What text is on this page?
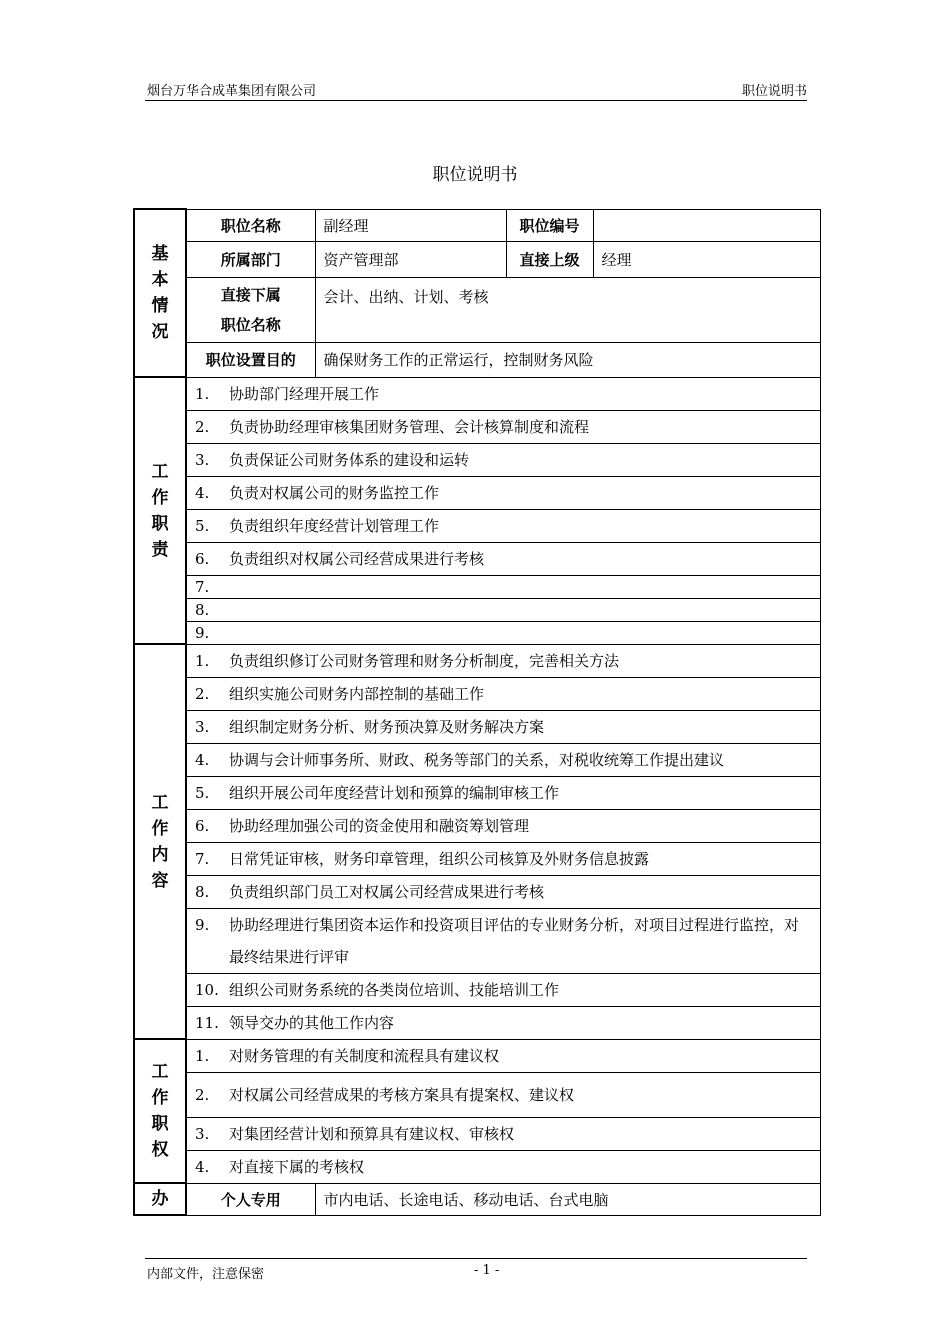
烟台万华合成革集团有限公司	职位说明书
职位说明书
基本情况	职位名称	副经理	职位编号	
	所属部门	资产管理部	直接上级	经理

	直接下属
职位名称	会计、出纳、计划、考核		
	职位设置目的	确保财务工作的正常运行，控制财务风险		

工作职责	1. 协助部门经理开展工作			

	2. 负责协助经理审核集团财务管理、会计核算制度和流程			

	3. 负责保证公司财务体系的建设和运转			

	4. 负责对权属公司的财务监控工作			

	5. 负责组织年度经营计划管理工作			

	6. 负责组织对权属公司经营成果进行考核			

	7.			

	8.			

	9.			

工作内容	1. 负责组织修订公司财务管理和财务分析制度，完善相关方法			

	2. 组织实施公司财务内部控制的基础工作			

	3. 组织制定财务分析、财务预决算及财务解决方案			

	4. 协调与会计师事务所、财政、税务等部门的关系，对税收统筹工作提出建议			

	5. 组织开展公司年度经营计划和预算的编制审核工作			

	6. 协助经理加强公司的资金使用和融资筹划管理			

	7. 日常凭证审核，财务印章管理，组织公司核算及外财务信息披露			

	8. 负责组织部门员工对权属公司经营成果进行考核			

	9. 协助经理进行集团资本运作和投资项目评估的专业财务分析，对项目过程进行监控，对最终结果进行评审			

	10. 组织公司财务系统的各类岗位培训、技能培训工作			

	11. 领导交办的其他工作内容			

工作职权	1. 对财务管理的有关制度和流程具有建议权			

	2. 对权属公司经营成果的考核方案具有提案权、建议权			

	3. 对集团经营计划和预算具有建议权、审核权			

	4. 对直接下属的考核权			

办	个人专用	市内电话、长途电话、移动电话、台式电脑		
内部文件，注意保密	- 1 -
